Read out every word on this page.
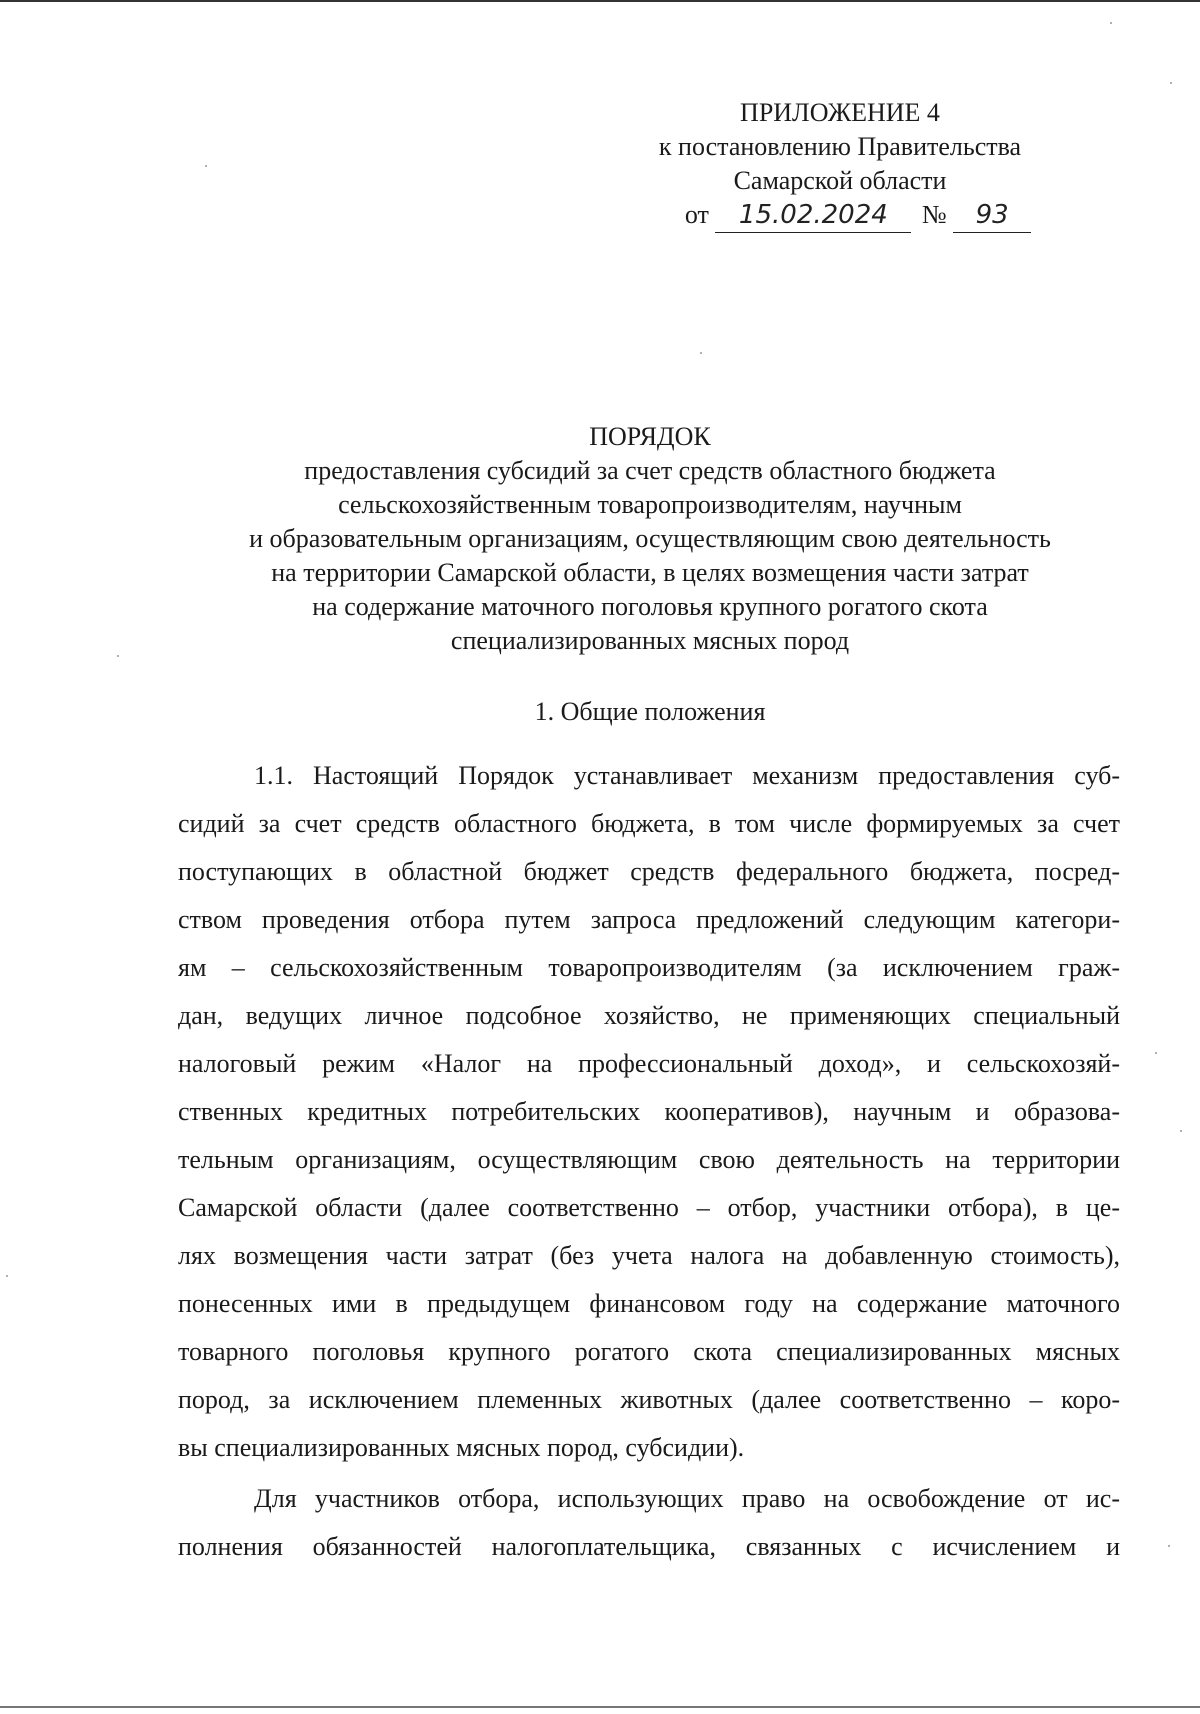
ПРИЛОЖЕНИЕ 4
к постановлению Правительства
Самарской области
от 15.02.2024 № 93
ПОРЯДОК
предоставления субсидий за счет средств областного бюджета
сельскохозяйственным товаропроизводителям, научным
и образовательным организациям, осуществляющим свою деятельность
на территории Самарской области, в целях возмещения части затрат
на содержание маточного поголовья крупного рогатого скота
специализированных мясных пород
1. Общие положения
1.1. Настоящий Порядок устанавливает механизм предоставления суб-
сидий за счет средств областного бюджета, в том числе формируемых за счет
поступающих в областной бюджет средств федерального бюджета, посред-
ством проведения отбора путем запроса предложений следующим категори-
ям – сельскохозяйственным товаропроизводителям (за исключением граж-
дан, ведущих личное подсобное хозяйство, не применяющих специальный
налоговый режим «Налог на профессиональный доход», и сельскохозяй-
ственных кредитных потребительских кооперативов), научным и образова-
тельным организациям, осуществляющим свою деятельность на территории
Самарской области (далее соответственно – отбор, участники отбора), в це-
лях возмещения части затрат (без учета налога на добавленную стоимость),
понесенных ими в предыдущем финансовом году на содержание маточного
товарного поголовья крупного рогатого скота специализированных мясных
пород, за исключением племенных животных (далее соответственно – коро-
вы специализированных мясных пород, субсидии).
Для участников отбора, использующих право на освобождение от ис-
полнения обязанностей налогоплательщика, связанных с исчислением и
